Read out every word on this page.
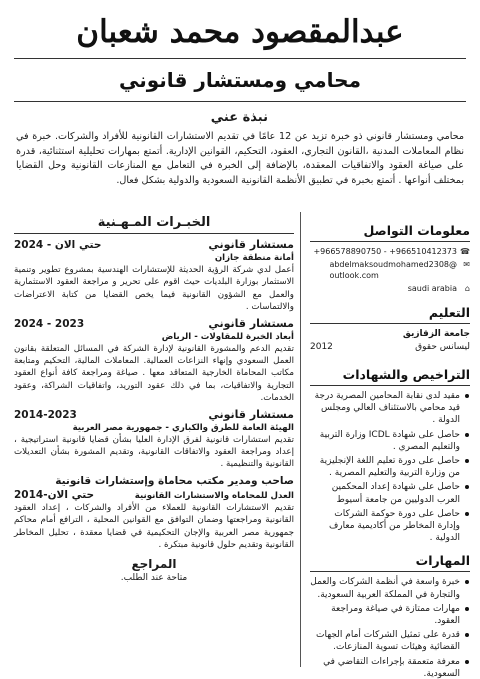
عبدالمقصود محمد شعبان
محامي ومستشار قانوني
نبذة عني
محامي ومستشار قانوني ذو خبرة تزيد عن 12 عامًا في تقديم الاستشارات القانونية للأفراد والشركات. خبرة في نظام المعاملات المدنية ،القانون التجاري، العقود، التحكيم، القوانين الإدارية. أتمتع بمهارات تحليلية استثنائية، قدرة على صياغة العقود والاتفاقيات المعقدة، بالإضافة إلى الخبرة في التعامل مع المنازعات القانونية وحل القضايا بمختلف أنواعها . أتمتع بخبرة في تطبيق الأنظمة القانونية السعودية والدولية بشكل فعال.
معلومات التواصل
☎
+966578890750 - +966510412373
✉
abdelmaksoudmohamed2308@
outlook.com
⌂
saudi arabia
التعليم
جامعة الزقازيق
ليسانس حقوق
2012
التراخيص والشهادات
مقيد لدى نقابة المحامين المصرية درجة قيد محامي بالاستئناف العالي ومجلس الدولة .
حاصل على شهادة ICDL وزارة التربية والتعليم المصري .
حاصل على دورة تعليم اللغة الإنجليزية من وزارة التربية والتعليم المصرية .
حاصل على شهادة إعداد المحكمين العرب الدوليين من جامعة أسيوط
حاصل على دورة حوكمة الشركات وإدارة المخاطر من أكاديمية معارف الدولية .
المهارات
خبرة واسعة في أنظمة الشركات والعمل والتجارة في المملكة العربية السعودية.
مهارات ممتازة في صياغة ومراجعة العقود.
قدرة على تمثيل الشركات أمام الجهات القضائية وهيئات تسوية المنازعات.
معرفة متعمقة بإجراءات التقاضي في السعودية.
الخبـرات المـهـنية
مستشار قانوني
حتي الان - 2024
أمانة منطقة جازان
أعمل لدي شركة الرؤية الحديثة للإستشارات الهندسية بمشروع تطوير وتنمية الاستثمار بوزارة البلديات حيث اقوم على تحرير و مراجعة العقود الاستثمارية والعمل مع الشؤون القانونية فيما يخص القضايا من كتابة الاعتراضات والالتماسات .
مستشار قانوني
2023 - 2024
أبعاد الخبرة للمقاولات - الرياض
تقديم الدعم والمشورة القانونية لإدارة الشركة في المسائل المتعلقة بقانون العمل السعودي وإنهاء النزاعات العمالية. المعاملات المالية، التحكيم ومتابعة مكاتب المحاماة الخارجية المتعاقد معها . صياغة ومراجعة كافة أنواع العقود التجارية والاتفاقيات، بما في ذلك عقود التوريد، واتفاقيات الشراكة، وعقود الخدمات.
مستشار قانوني
2014-2023
الهيئة العامة للطرق والكباري - جمهورية مصر العربية
تقديم استشارات قانونية لفرق الإدارة العليا بشأن قضايا قانونية استراتيجية ، إعداد ومراجعة العقود والاتفاقات القانونية، وتقديم المشورة بشأن التعديلات القانونية والتنظيمية .
صاحب ومدير مكتب محاماة وإستشارات قانونية
العدل للمحاماه والاستشارات القانونية
حتي الان-2014
تقديم الاستشارات القانونية للعملاء من الأفراد والشركات ، إعداد العقود القانونية ومراجعتها وضمان التوافق مع القوانين المحلية ، الترافع أمام محاكم جمهورية مصر العربية والإجان التحكيمية في قضايا معقدة ، تحليل المخاطر القانونية وتقديم حلول قانونية مبتكرة .
المراجع
متاحة عند الطلب.
